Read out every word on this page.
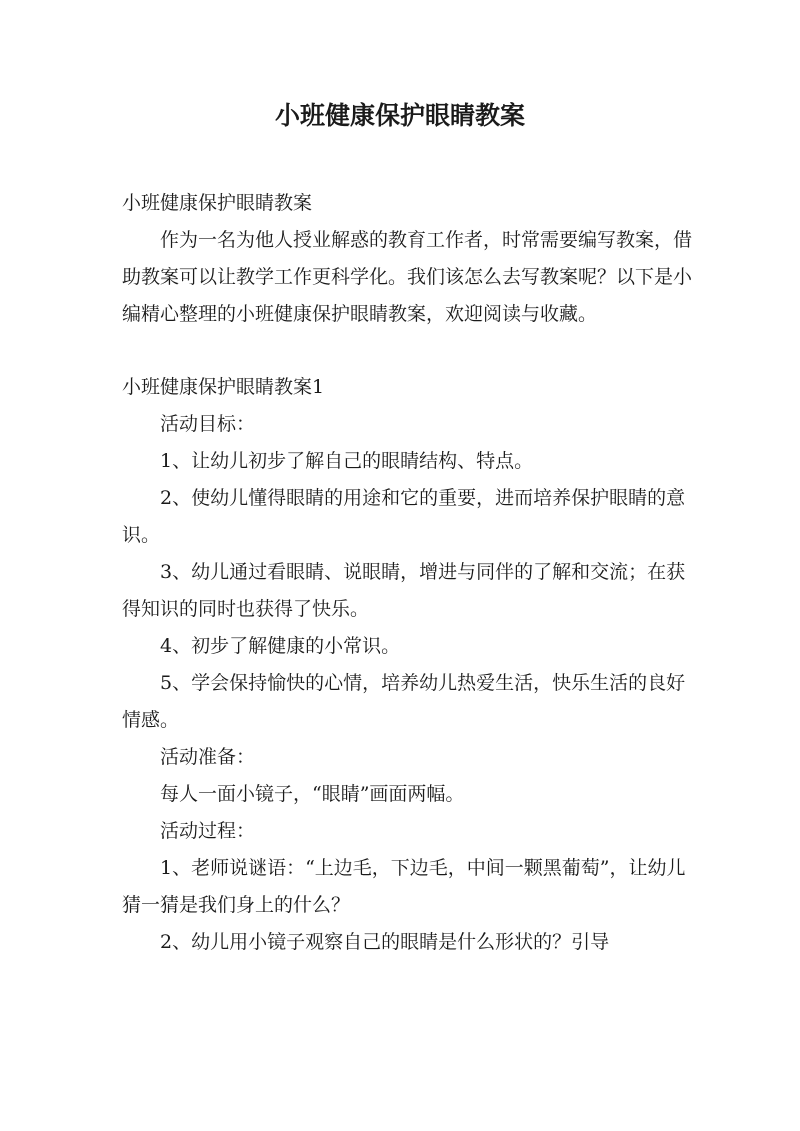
小班健康保护眼睛教案

小班健康保护眼睛教案

作为一名为他人授业解惑的教育工作者，时常需要编写教案，借助教案可以让教学工作更科学化。我们该怎么去写教案呢？以下是小编精心整理的小班健康保护眼睛教案，欢迎阅读与收藏。

小班健康保护眼睛教案1

活动目标：

1、让幼儿初步了解自己的眼睛结构、特点。

2、使幼儿懂得眼睛的用途和它的重要，进而培养保护眼睛的意识。

3、幼儿通过看眼睛、说眼睛，增进与同伴的了解和交流；在获得知识的同时也获得了快乐。

4、初步了解健康的小常识。

5、学会保持愉快的心情，培养幼儿热爱生活，快乐生活的良好情感。

活动准备：

每人一面小镜子，“眼睛”画面两幅。

活动过程：

1、老师说谜语：“上边毛，下边毛，中间一颗黑葡萄”，让幼儿猜一猜是我们身上的什么？

2、幼儿用小镜子观察自己的眼睛是什么形状的？引导
